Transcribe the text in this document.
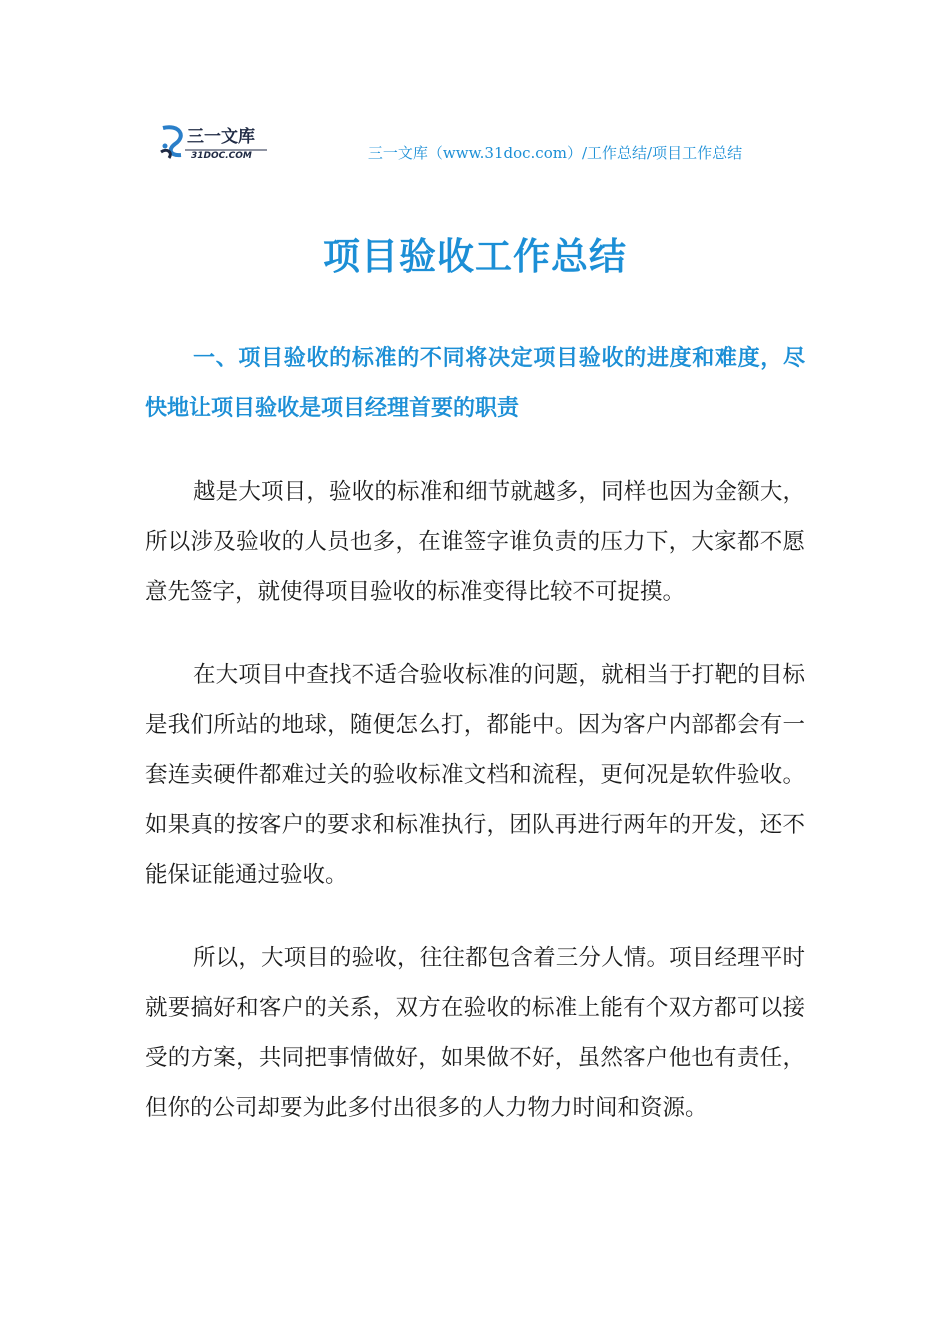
三一文库
31DOC.COM	三一文库（www.31doc.com）/工作总结/项目工作总结
项目验收工作总结

一、项目验收的标准的不同将决定项目验收的进度和难度，尽快地让项目验收是项目经理首要的职责

越是大项目，验收的标准和细节就越多，同样也因为金额大，所以涉及验收的人员也多，在谁签字谁负责的压力下，大家都不愿意先签字，就使得项目验收的标准变得比较不可捉摸。

在大项目中查找不适合验收标准的问题，就相当于打靶的目标是我们所站的地球，随便怎么打，都能中。因为客户内部都会有一套连卖硬件都难过关的验收标准文档和流程，更何况是软件验收。如果真的按客户的要求和标准执行，团队再进行两年的开发，还不能保证能通过验收。

所以，大项目的验收，往往都包含着三分人情。项目经理平时就要搞好和客户的关系，双方在验收的标准上能有个双方都可以接受的方案，共同把事情做好，如果做不好，虽然客户他也有责任，但你的公司却要为此多付出很多的人力物力时间和资源。
